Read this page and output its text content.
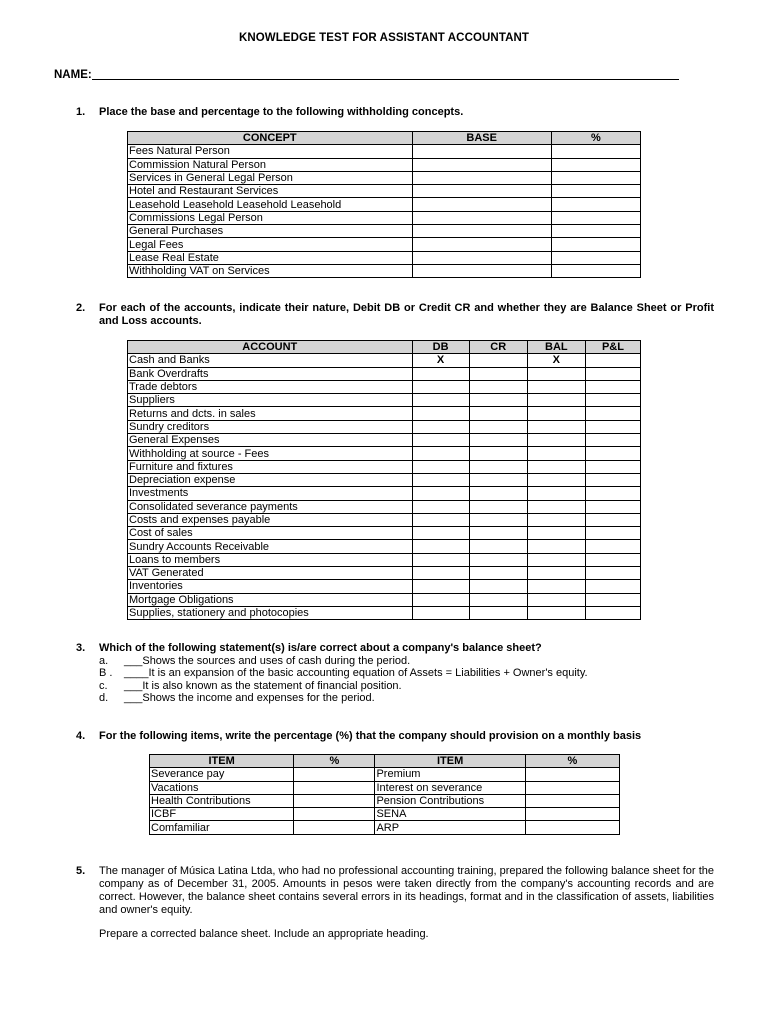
KNOWLEDGE TEST FOR ASSISTANT ACCOUNTANT
NAME:
1. Place the base and percentage to the following withholding concepts.
CONCEPT	BASE	%
Fees Natural Person		
Commission Natural Person		
Services in General Legal Person		
Hotel and Restaurant Services		
Leasehold Leasehold Leasehold Leasehold		
Commissions Legal Person		
General Purchases		
Legal Fees		
Lease Real Estate		
Withholding VAT on Services		
2. For each of the accounts, indicate their nature, Debit DB or Credit CR and whether they are Balance Sheet or Profit and Loss accounts.
ACCOUNT	DB	CR	BAL	P&L
Cash and Banks	X		X	
Bank Overdrafts				
Trade debtors				
Suppliers				
Returns and dcts. in sales				
Sundry creditors				
General Expenses				
Withholding at source - Fees				
Furniture and fixtures				
Depreciation expense				
Investments				
Consolidated severance payments				
Costs and expenses payable				
Cost of sales				
Sundry Accounts Receivable				
Loans to members				
VAT Generated				
Inventories				
Mortgage Obligations				
Supplies, stationery and photocopies				
3. Which of the following statement(s) is/are correct about a company's balance sheet?
a. ___Shows the sources and uses of cash during the period.
B . ____It is an expansion of the basic accounting equation of Assets = Liabilities + Owner's equity.
c. ___It is also known as the statement of financial position.
d. ___Shows the income and expenses for the period.
4. For the following items, write the percentage (%) that the company should provision on a monthly basis
ITEM	%	ITEM	%
Severance pay		Premium	
Vacations		Interest on severance	
Health Contributions		Pension Contributions	
ICBF		SENA	
Comfamiliar		ARP	
5. The manager of Música Latina Ltda, who had no professional accounting training, prepared the following balance sheet for the company as of December 31, 2005. Amounts in pesos were taken directly from the company's accounting records and are correct. However, the balance sheet contains several errors in its headings, format and in the classification of assets, liabilities and owner's equity.
Prepare a corrected balance sheet. Include an appropriate heading.
